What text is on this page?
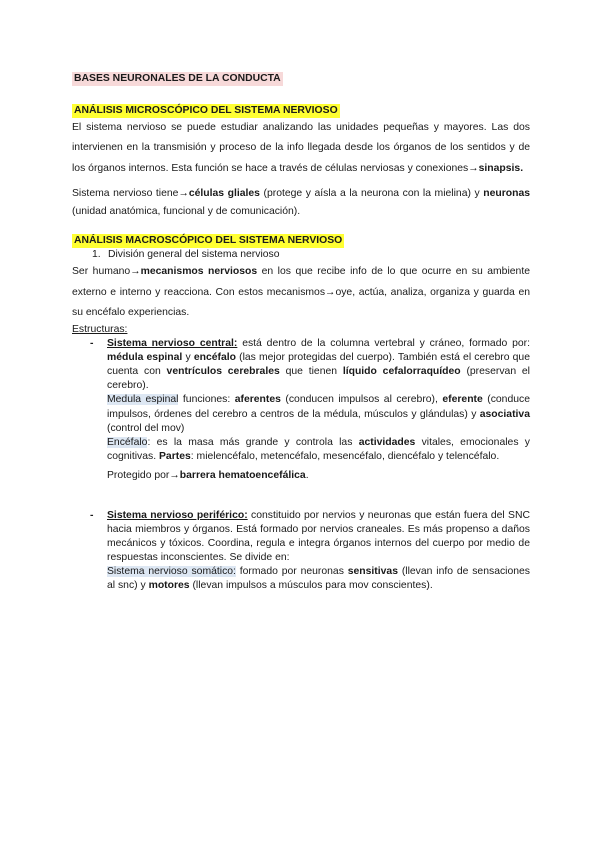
BASES NEURONALES DE LA CONDUCTA
ANÁLISIS MICROSCÓPICO DEL SISTEMA NERVIOSO

El sistema nervioso se puede estudiar analizando las unidades pequeñas y mayores. Las dos intervienen en la transmisión y proceso de la info llegada desde los órganos de los sentidos y de los órganos internos. Esta función se hace a través de células nerviosas y conexiones→sinapsis.

Sistema nervioso tiene→células gliales (protege y aísla a la neurona con la mielina) y neuronas (unidad anatómica, funcional y de comunicación).

ANÁLISIS MACROSCÓPICO DEL SISTEMA NERVIOSO

1. División general del sistema nervioso

Ser humano→mecanismos nerviosos en los que recibe info de lo que ocurre en su ambiente externo e interno y reacciona. Con estos mecanismos→oye, actúa, analiza, organiza y guarda en su encéfalo experiencias.

Estructuras:

- Sistema nervioso central: está dentro de la columna vertebral y cráneo, formado por: médula espinal y encéfalo (las mejor protegidas del cuerpo). También está el cerebro que cuenta con ventrículos cerebrales que tienen líquido cefalorraquídeo (preservan el cerebro).

Medula espinal funciones: aferentes (conducen impulsos al cerebro), eferente (conduce impulsos, órdenes del cerebro a centros de la médula, músculos y glándulas) y asociativa (control del mov)

Encéfalo: es la masa más grande y controla las actividades vitales, emocionales y cognitivas. Partes: mielencéfalo, metencéfalo, mesencéfalo, diencéfalo y telencéfalo.

Protegido por→barrera hematoencefálica.

- Sistema nervioso periférico: constituido por nervios y neuronas que están fuera del SNC hacia miembros y órganos. Está formado por nervios craneales. Es más propenso a daños mecánicos y tóxicos. Coordina, regula e integra órganos internos del cuerpo por medio de respuestas inconscientes. Se divide en:

Sistema nervioso somático: formado por neuronas sensitivas (llevan info de sensaciones al snc) y motores (llevan impulsos a músculos para mov conscientes).
